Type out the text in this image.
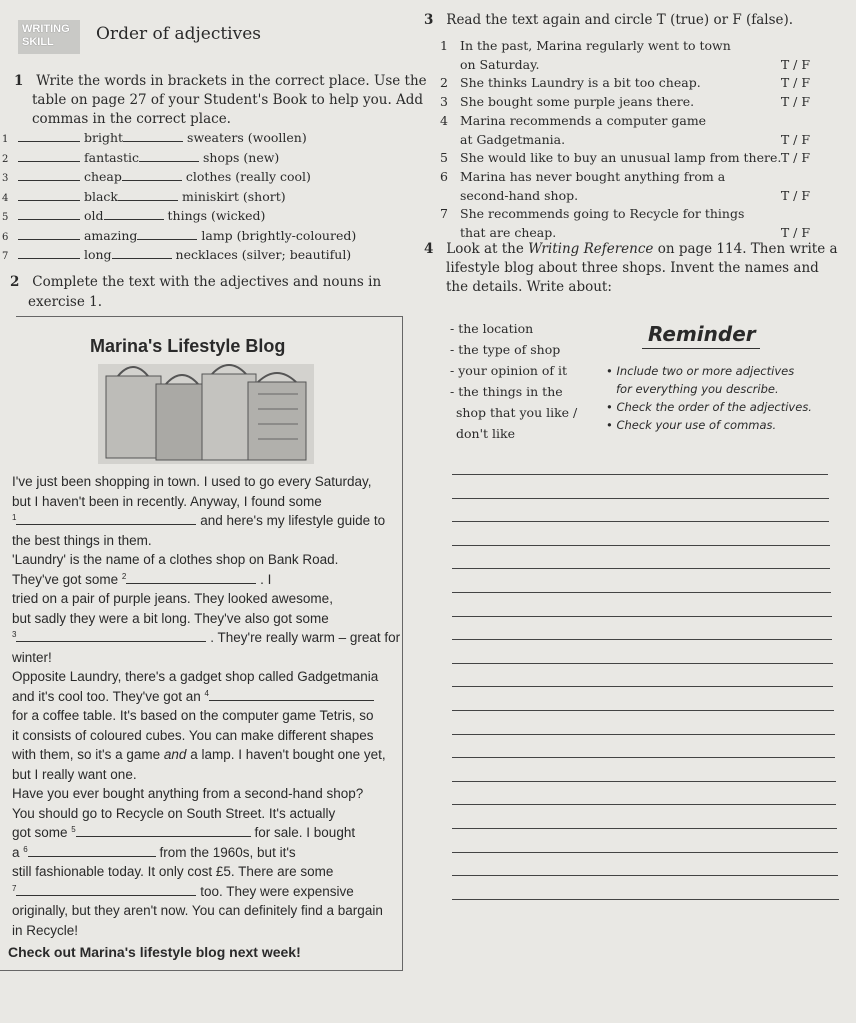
WRITING
SKILL	Order of adjectives
1 Write the words in brackets in the correct place. Use the
table on page 27 of your Student's Book to help you. Add
commas in the correct place.
1	bright	sweaters (woollen)
2	fantastic	shops (new)
3	cheap	clothes (really cool)
4	black	miniskirt (short)
5	old	things (wicked)
6	amazing	lamp (brightly-coloured)
7	long	necklaces (silver; beautiful)
2 Complete the text with the adjectives and nouns in
exercise 1.
Marina's Lifestyle Blog
I've just been shopping in town. I used to go every Saturday,
but I haven't been in recently. Anyway, I found some
$^1$	and here's my lifestyle guide to
the best things in them.
'Laundry' is the name of a clothes shop on Bank Road.
They've got some $^2$	. I
tried on a pair of purple jeans. They looked awesome,
but sadly they were a bit long. They've also got some
$^3$	. They're really warm – great for
winter!
Opposite Laundry, there's a gadget shop called Gadgetmania
and it's cool too. They've got an $^4$
for a coffee table. It's based on the computer game Tetris, so
it consists of coloured cubes. You can make different shapes
with them, so it's a game and a lamp. I haven't bought one yet,
but I really want one.
Have you ever bought anything from a second-hand shop?
You should go to Recycle on South Street. It's actually
got some $^5$	for sale. I bought
a $^6$	from the 1960s, but it's
still fashionable today. It only cost £5. There are some
$^7$	too. They were expensive
originally, but they aren't now. You can definitely find a bargain
in Recycle!
Check out Marina's lifestyle blog next week!
3 Read the text again and circle T (true) or F (false).
1 In the past, Marina regularly went to town
on Saturday.	T / F
2 She thinks Laundry is a bit too cheap.	T / F
3 She bought some purple jeans there.	T / F
4 Marina recommends a computer game
at Gadgetmania.	T / F
5 She would like to buy an unusual lamp from there. T / F
6 Marina has never bought anything from a
second-hand shop.	T / F
7 She recommends going to Recycle for things
that are cheap.	T / F
4 Look at the Writing Reference on page 114. Then write a
lifestyle blog about three shops. Invent the names and
the details. Write about:
- the location
- the type of shop
- your opinion of it
- the things in the
shop that you like /
don't like
Reminder
• Include two or more adjectives
for everything you describe.
• Check the order of the adjectives.
• Check your use of commas.
